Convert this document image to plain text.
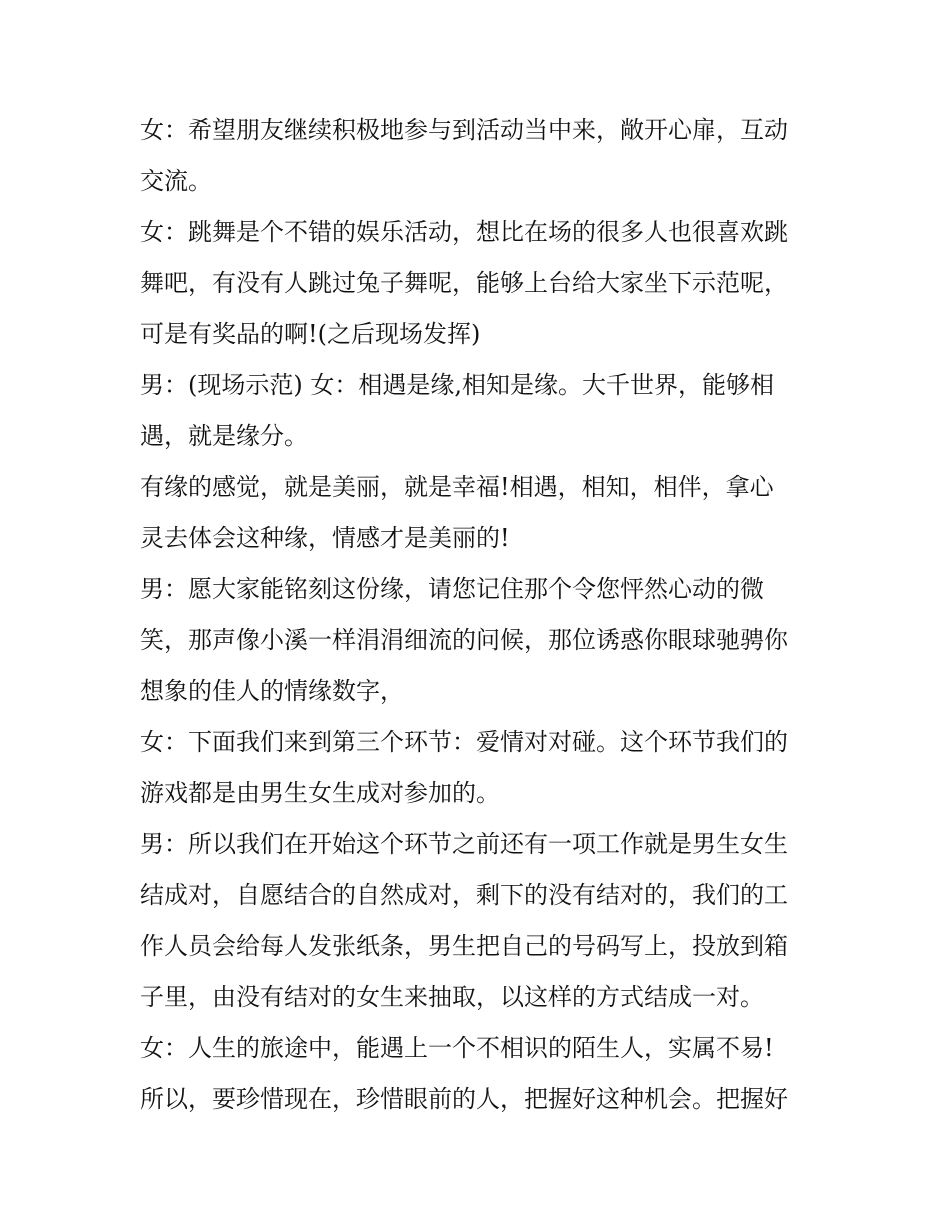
女：希望朋友继续积极地参与到活动当中来，敞开心扉，互动
交流。
女：跳舞是个不错的娱乐活动，想比在场的很多人也很喜欢跳
舞吧，有没有人跳过兔子舞呢，能够上台给大家坐下示范呢，
可是有奖品的啊!(之后现场发挥)
男：(现场示范) 女：相遇是缘,相知是缘。大千世界，能够相
遇，就是缘分。
有缘的感觉，就是美丽，就是幸福!相遇，相知，相伴，拿心
灵去体会这种缘，情感才是美丽的!
男：愿大家能铭刻这份缘，请您记住那个令您怦然心动的微
笑，那声像小溪一样涓涓细流的问候，那位诱惑你眼球驰骋你
想象的佳人的情缘数字，
女：下面我们来到第三个环节：爱情对对碰。这个环节我们的
游戏都是由男生女生成对参加的。
男：所以我们在开始这个环节之前还有一项工作就是男生女生
结成对，自愿结合的自然成对，剩下的没有结对的，我们的工
作人员会给每人发张纸条，男生把自己的号码写上，投放到箱
子里，由没有结对的女生来抽取，以这样的方式结成一对。
女：人生的旅途中，能遇上一个不相识的陌生人，实属不易!
所以，要珍惜现在，珍惜眼前的人，把握好这种机会。把握好
